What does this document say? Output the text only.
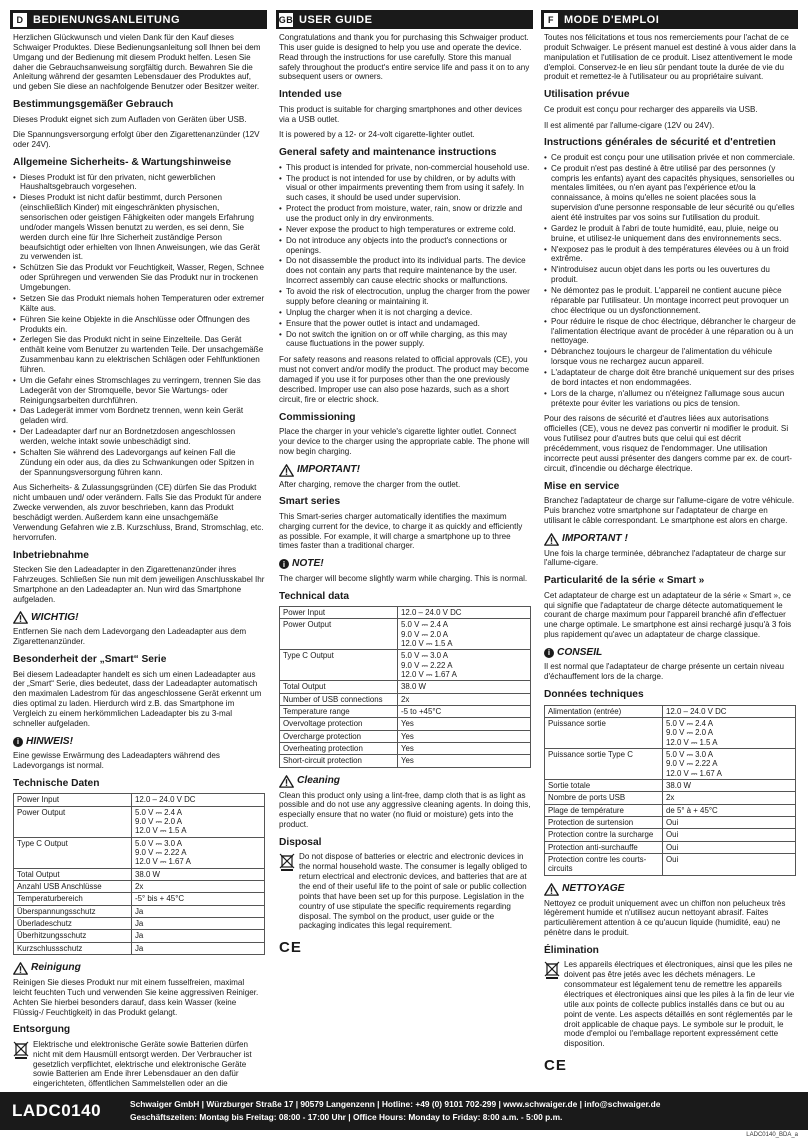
D BEDIENUNGSANLEITUNG

Herzlichen Glückwunsch und vielen Dank für den Kauf dieses Schwaiger Produktes. Diese Bedienungsanleitung soll Ihnen bei dem Umgang und der Bedienung mit diesem Produkt helfen. Lesen Sie daher die Gebrauchsanweisung sorgfältig durch. Bewahren Sie die Anleitung während der gesamten Lebensdauer des Produktes auf, und geben Sie diese an nachfolgende Benutzer oder Besitzer weiter.

Bestimmungsgemäßer Gebrauch

Dieses Produkt eignet sich zum Aufladen von Geräten über USB.

Die Spannungsversorgung erfolgt über den Zigarettenanzünder (12V oder 24V).

Allgemeine Sicherheits- & Wartungshinweise
• Dieses Produkt ist für den privaten, nicht gewerblichen Haushaltsgebrauch vorgesehen.
• Dieses Produkt ist nicht dafür bestimmt, durch Personen (einschließlich Kinder) mit eingeschränkten physischen, sensorischen oder geistigen Fähigkeiten oder mangels Erfahrung und/oder mangels Wissen benutzt zu werden, es sei denn, Sie werden durch eine für Ihre Sicherheit zuständige Person beaufsichtigt oder erhielten von Ihnen Anweisungen, wie das Gerät zu verwenden ist.
• Schützen Sie das Produkt vor Feuchtigkeit, Wasser, Regen, Schnee oder Sprühregen und verwenden Sie das Produkt nur in trockenen Umgebungen.
• Setzen Sie das Produkt niemals hohen Temperaturen oder extremer Kälte aus.
• Führen Sie keine Objekte in die Anschlüsse oder Öffnungen des Produkts ein.
• Zerlegen Sie das Produkt nicht in seine Einzelteile. Das Gerät enthält keine vom Benutzer zu wartenden Teile. Der unsachgemäße Zusammenbau kann zu elektrischen Schlägen oder Fehlfunktionen führen.
• Um die Gefahr eines Stromschlages zu verringern, trennen Sie das Ladegerät von der Stromquelle, bevor Sie Wartungs- oder Reinigungsarbeiten durchführen.
• Das Ladegerät immer vom Bordnetz trennen, wenn kein Gerät geladen wird.
• Der Ladeadapter darf nur an Bordnetzdosen angeschlossen werden, welche intakt sowie unbeschädigt sind.
• Schalten Sie während des Ladevorgangs auf keinen Fall die Zündung ein oder aus, da dies zu Schwankungen oder Spitzen in der Spannungsversorgung führen kann.

Aus Sicherheits- & Zulassungsgründen (CE) dürfen Sie das Produkt nicht umbauen und/ oder verändern. Falls Sie das Produkt für andere Zwecke verwenden, als zuvor beschrieben, kann das Produkt beschädigt werden. Außerdem kann eine unsachgemäße Verwendung Gefahren wie z.B. Kurzschluss, Brand, Stromschlag, etc. hervorrufen.

Inbetriebnahme

Stecken Sie den Ladeadapter in den Zigarettenanzünder ihres Fahrzeuges. Schließen Sie nun mit dem jeweiligen Anschlusskabel Ihr Smartphone an den Ladeadapter an. Nun wird das Smartphone aufgeladen.

WICHTIG!

Entfernen Sie nach dem Ladevorgang den Ladeadapter aus dem Zigarettenanzünder.

Besonderheit der „Smart“ Serie

Bei diesem Ladeadapter handelt es sich um einen Ladeadapter aus der „Smart“ Serie, dies bedeutet, dass der Ladeadapter automatisch den maximalen Ladestrom für das angeschlossene Gerät erkennt um dies optimal zu laden. Hierdurch wird z.B. das Smartphone im Vergleich zu einem herkömmlichen Ladeadapter bis zu 3-mal schneller aufgeladen.

i HINWEIS!

Eine gewisse Erwärmung des Ladeadapters während des Ladevorgangs ist normal.

Technische Daten
Power Input	12.0 – 24.0 V DC
Power Output	5.0 V ⎓ 2.4 A
9.0 V ⎓ 2.0 A
12.0 V ⎓ 1.5 A
Type C Output	5.0 V ⎓ 3.0 A
9.0 V ⎓ 2.22 A
12.0 V ⎓ 1.67 A
Total Output	38.0 W
Anzahl USB Anschlüsse	2x
Temperaturbereich	-5° bis + 45°C
Überspannungsschutz	Ja
Überladeschutz	Ja
Überhitzungsschutz	Ja
Kurzschlussschutz	Ja
Reinigung

Reinigen Sie dieses Produkt nur mit einem fusselfreien, maximal leicht feuchten Tuch und verwenden Sie keine aggressiven Reiniger. Achten Sie hierbei besonders darauf, dass kein Wasser (keine Flüssig-/ Feuchtigkeit) in das Produkt gelangt.

Entsorgung

Elektrische und elektronische Geräte sowie Batterien dürfen nicht mit dem Hausmüll entsorgt werden. Der Verbraucher ist gesetzlich verpflichtet, elektrische und elektronische Geräte sowie Batterien am Ende ihrer Lebensdauer an den dafür eingerichteten, öffentlichen Sammelstellen oder an die

GB USER GUIDE

Congratulations and thank you for purchasing this Schwaiger product. This user guide is designed to help you use and operate the device. Read through the instructions for use carefully. Store this manual safely throughout the product's entire service life and pass it on to any subsequent users or owners.

Intended use

This product is suitable for charging smartphones and other devices via a USB outlet.

It is powered by a 12- or 24-volt cigarette-lighter outlet.

General safety and maintenance instructions
• This product is intended for private, non-commercial household use.
• The product is not intended for use by children, or by adults with visual or other impairments preventing them from using it safely. In such cases, it should be used under supervision.
• Protect the product from moisture, water, rain, snow or drizzle and use the product only in dry environments.
• Never expose the product to high temperatures or extreme cold.
• Do not introduce any objects into the product's connections or openings.
• Do not disassemble the product into its individual parts. The device does not contain any parts that require maintenance by the user. Incorrect assembly can cause electric shocks or malfunctions.
• To avoid the risk of electrocution, unplug the charger from the power supply before cleaning or maintaining it.
• Unplug the charger when it is not charging a device.
• Ensure that the power outlet is intact and undamaged.
• Do not switch the ignition on or off while charging, as this may cause fluctuations in the power supply.

For safety reasons and reasons related to official approvals (CE), you must not convert and/or modify the product. The product may become damaged if you use it for purposes other than the one previously described. Improper use can also pose hazards, such as a short circuit, fire or electric shock.

Commissioning

Place the charger in your vehicle's cigarette lighter outlet. Connect your device to the charger using the appropriate cable. The phone will now begin charging.

IMPORTANT!

After charging, remove the charger from the outlet.

Smart series

This Smart-series charger automatically identifies the maximum charging current for the device, to charge it as quickly and efficiently as possible. For example, it will charge a smartphone up to three times faster than a traditional charger.

i NOTE!

The charger will become slightly warm while charging. This is normal.

Technical data
Power Input	12.0 – 24.0 V DC
Power Output	5.0 V ⎓ 2.4 A
9.0 V ⎓ 2.0 A
12.0 V ⎓ 1.5 A
Type C Output	5.0 V ⎓ 3.0 A
9.0 V ⎓ 2.22 A
12.0 V ⎓ 1.67 A
Total Output	38.0 W
Number of USB connections	2x
Temperature range	-5 to +45°C
Overvoltage protection	Yes
Overcharge protection	Yes
Overheating protection	Yes
Short-circuit protection	Yes
Cleaning

Clean this product only using a lint-free, damp cloth that is as light as possible and do not use any aggressive cleaning agents. In doing this, especially ensure that no water (no fluid or moisture) gets into the product.

Disposal

Do not dispose of batteries or electric and electronic devices in the normal household waste. The consumer is legally obliged to return electrical and electronic devices, and batteries that are at the end of their useful life to the point of sale or public collection points that have been set up for this purpose. Legislation in the country of use stipulate the specific requirements regarding disposal. The symbol on the product, user guide or the packaging indicates this legal requirement.

CE
F MODE D'EMPLOI

Toutes nos félicitations et tous nos remerciements pour l'achat de ce produit Schwaiger. Le présent manuel est destiné à vous aider dans la manipulation et l'utilisation de ce produit. Lisez attentivement le mode d'emploi. Conservez-le en lieu sûr pendant toute la durée de vie du produit et remettez-le à l'utilisateur ou au propriétaire suivant.

Utilisation prévue

Ce produit est conçu pour recharger des appareils via USB.

Il est alimenté par l'allume-cigare (12V ou 24V).

Instructions générales de sécurité et d'entretien
• Ce produit est conçu pour une utilisation privée et non commerciale.
• Ce produit n'est pas destiné à être utilisé par des personnes (y compris les enfants) ayant des capacités physiques, sensorielles ou mentales limitées, ou n'en ayant pas l'expérience et/ou la connaissance, à moins qu'elles ne soient placées sous la supervision d'une personne responsable de leur sécurité ou qu'elles aient été instruites par vos soins sur l'utilisation du produit.
• Gardez le produit à l'abri de toute humidité, eau, pluie, neige ou bruine, et utilisez-le uniquement dans des environnements secs.
• N'exposez pas le produit à des températures élevées ou à un froid extrême.
• N'introduisez aucun objet dans les ports ou les ouvertures du produit.
• Ne démontez pas le produit. L'appareil ne contient aucune pièce réparable par l'utilisateur. Un montage incorrect peut provoquer un choc électrique ou un dysfonctionnement.
• Pour réduire le risque de choc électrique, débrancher le chargeur de l'alimentation électrique avant de procéder à une réparation ou à un nettoyage.
• Débranchez toujours le chargeur de l'alimentation du véhicule lorsque vous ne rechargez aucun appareil.
• L'adaptateur de charge doit être branché uniquement sur des prises de bord intactes et non endommagées.
• Lors de la charge, n'allumez ou n'éteignez l'allumage sous aucun prétexte pour éviter les variations ou pics de tension.

Pour des raisons de sécurité et d'autres liées aux autorisations officielles (CE), vous ne devez pas convertir ni modifier le produit. Si vous l'utilisez pour d'autres buts que celui qui est décrit précédemment, vous risquez de l'endommager. Une utilisation incorrecte peut aussi présenter des dangers comme par ex. de court-circuit, d'incendie ou décharge électrique.

Mise en service

Branchez l'adaptateur de charge sur l'allume-cigare de votre véhicule. Puis branchez votre smartphone sur l'adaptateur de charge en utilisant le câble correspondant. Le smartphone est alors en charge.

IMPORTANT !

Une fois la charge terminée, débranchez l'adaptateur de charge sur l'allume-cigare.

Particularité de la série « Smart »

Cet adaptateur de charge est un adaptateur de la série « Smart », ce qui signifie que l'adaptateur de charge détecte automatiquement le courant de charge maximum pour l'appareil branché afin d'effectuer une charge optimale. Le smartphone est ainsi rechargé jusqu'à 3 fois plus rapidement qu'avec un adaptateur de charge classique.

i CONSEIL

Il est normal que l'adaptateur de charge présente un certain niveau d'échauffement lors de la charge.

Données techniques
Alimentation (entrée)	12.0 – 24.0 V DC
Puissance sortie	5.0 V ⎓ 2.4 A
9.0 V ⎓ 2.0 A
12.0 V ⎓ 1.5 A
Puissance sortie Type C	5.0 V ⎓ 3.0 A
9.0 V ⎓ 2.22 A
12.0 V ⎓ 1.67 A
Sortie totale	38.0 W
Nombre de ports USB	2x
Plage de température	de 5° à + 45°C
Protection de surtension	Oui
Protection contre la surcharge	Oui
Protection anti-surchauffe	Oui
Protection contre les courts-circuits	Oui
NETTOYAGE

Nettoyez ce produit uniquement avec un chiffon non pelucheux très légèrement humide et n'utilisez aucun nettoyant abrasif. Faites particulièrement attention à ce qu'aucun liquide (humidité, eau) ne pénètre dans le produit.

Élimination

Les appareils électriques et électroniques, ainsi que les piles ne doivent pas être jetés avec les déchets ménagers. Le consommateur est légalement tenu de remettre les appareils électriques et électroniques ainsi que les piles à la fin de leur vie utile aux points de collecte publics installés dans ce but ou au point de vente. Les aspects détaillés en sont réglementés par le droit applicable de chaque pays. Le symbole sur le produit, le mode d'emploi ou l'emballage reportent expressément cette disposition.

CE
LADC0140	Schwaiger GmbH | Würzburger Straße 17 | 90579 Langenzenn | Hotline: +49 (0) 9101 702-299 | www.schwaiger.de | info@schwaiger.de
Geschäftszeiten: Montag bis Freitag: 08:00 - 17:00 Uhr | Office Hours: Monday to Friday: 8:00 a.m. - 5:00 p.m.
LADC0140_BDA_a
